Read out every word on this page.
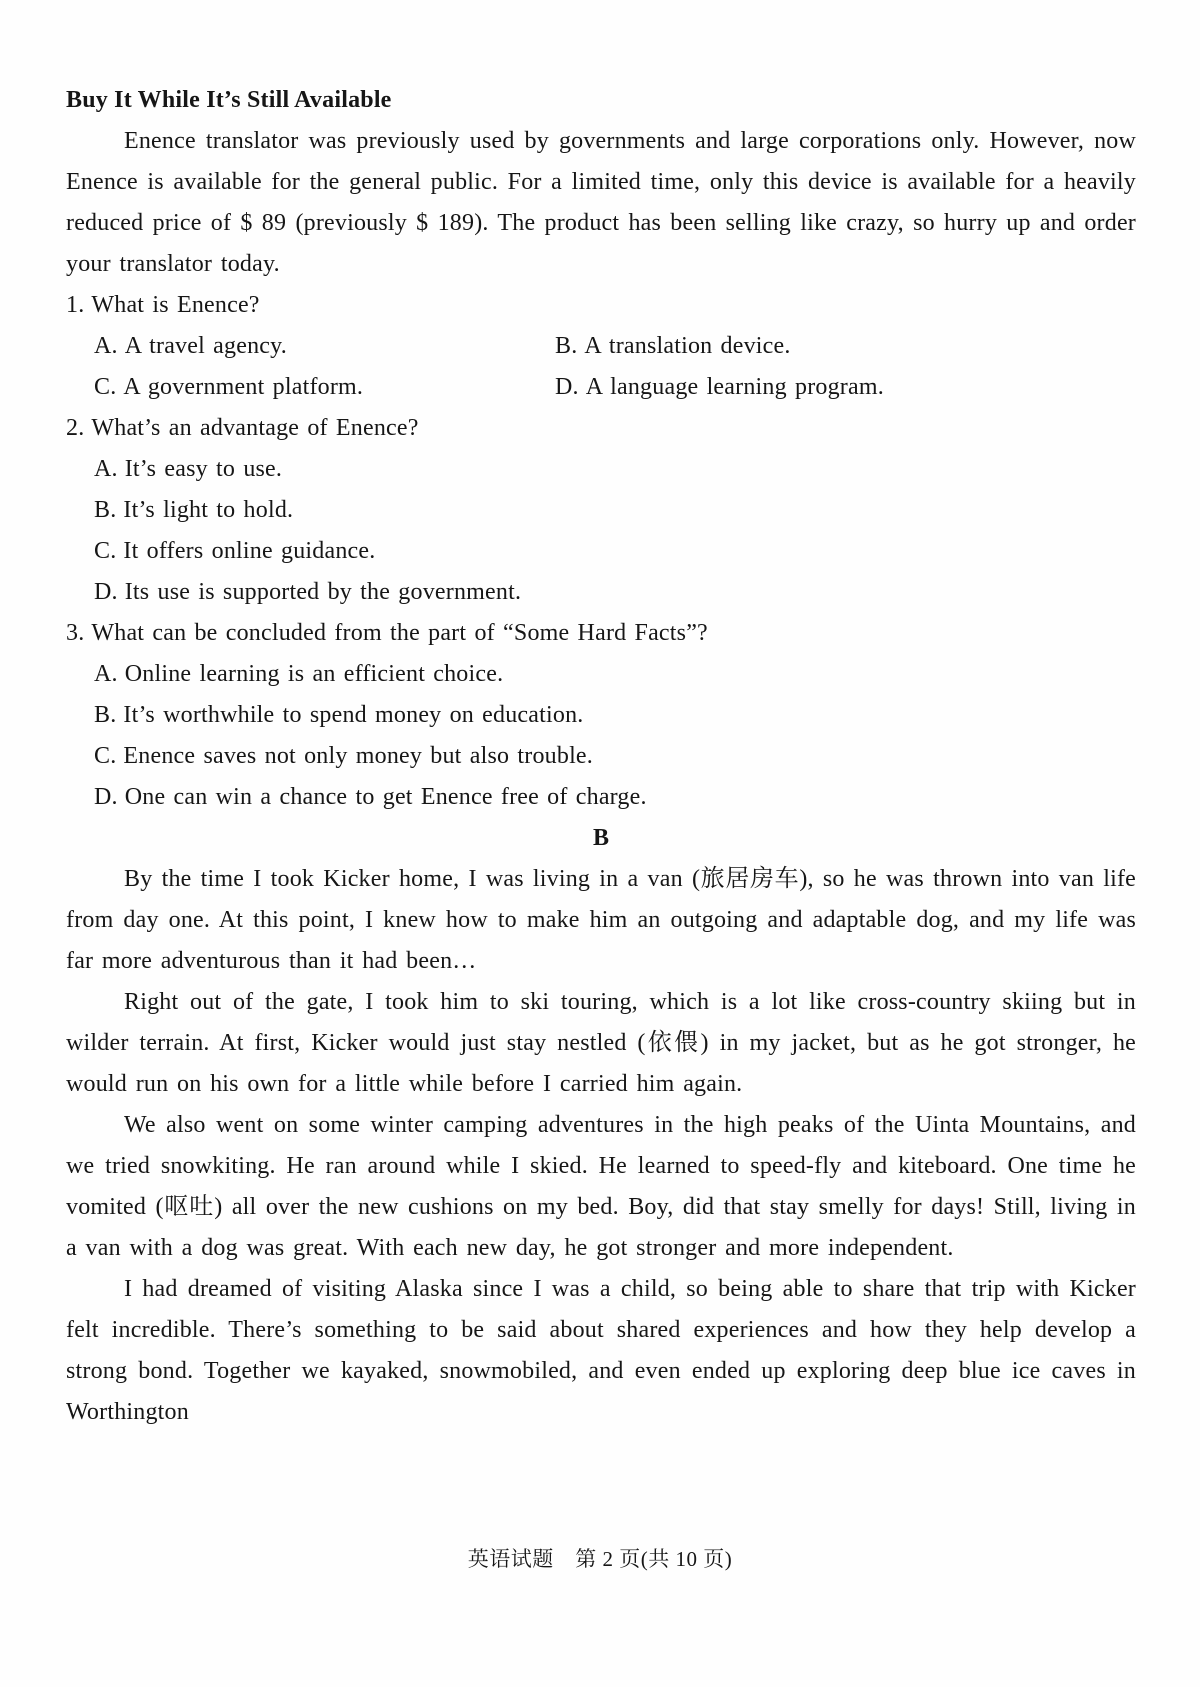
Buy It While It’s Still Available

Enence translator was previously used by governments and large corporations only. However, now Enence is available for the general public. For a limited time, only this device is available for a heavily reduced price of $ 89 (previously $ 189). The product has been selling like crazy, so hurry up and order your translator today.

1. What is Enence?
A. A travel agency.	B. A translation device.
C. A government platform.	D. A language learning program.
2. What’s an advantage of Enence?
A. It’s easy to use.
B. It’s light to hold.
C. It offers online guidance.
D. Its use is supported by the government.
3. What can be concluded from the part of “Some Hard Facts”?
A. Online learning is an efficient choice.
B. It’s worthwhile to spend money on education.
C. Enence saves not only money but also trouble.
D. One can win a chance to get Enence free of charge.
B

By the time I took Kicker home, I was living in a van (旅居房车), so he was thrown into van life from day one. At this point, I knew how to make him an outgoing and adaptable dog, and my life was far more adventurous than it had been…

Right out of the gate, I took him to ski touring, which is a lot like cross-country skiing but in wilder terrain. At first, Kicker would just stay nestled (依偎) in my jacket, but as he got stronger, he would run on his own for a little while before I carried him again.

We also went on some winter camping adventures in the high peaks of the Uinta Mountains, and we tried snowkiting. He ran around while I skied. He learned to speed-fly and kiteboard. One time he vomited (呕吐) all over the new cushions on my bed. Boy, did that stay smelly for days! Still, living in a van with a dog was great. With each new day, he got stronger and more independent.

I had dreamed of visiting Alaska since I was a child, so being able to share that trip with Kicker felt incredible. There’s something to be said about shared experiences and how they help develop a strong bond. Together we kayaked, snowmobiled, and even ended up exploring deep blue ice caves in Worthington

英语试题　第 2 页(共 10 页)
